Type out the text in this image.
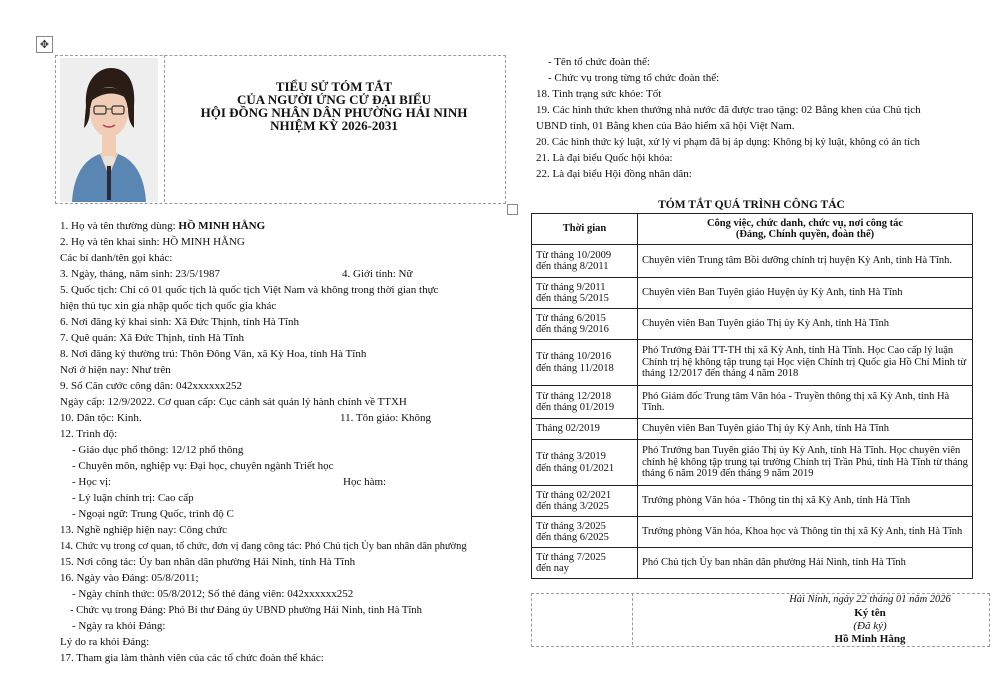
✥
TIỂU SỬ TÓM TẮT
CỦA NGƯỜI ỨNG CỬ ĐẠI BIỂU
HỘI ĐỒNG NHÂN DÂN PHƯỜNG HẢI NINH
NHIỆM KỲ 2026-2031
1. Họ và tên thường dùng: HỒ MINH HẰNG
2. Họ và tên khai sinh: HỒ MINH HẰNG
Các bí danh/tên gọi khác:
3. Ngày, tháng, năm sinh: 23/5/1987	4. Giới tính: Nữ
5. Quốc tịch: Chỉ có 01 quốc tịch là quốc tịch Việt Nam và không trong thời gian thực
hiện thủ tục xin gia nhập quốc tịch quốc gia khác
6. Nơi đăng ký khai sinh: Xã Đức Thịnh, tỉnh Hà Tĩnh
7. Quê quán: Xã Đức Thịnh, tỉnh Hà Tĩnh
8. Nơi đăng ký thường trú: Thôn Đông Văn, xã Kỳ Hoa, tỉnh Hà Tĩnh
Nơi ở hiện nay: Như trên
9. Số Căn cước công dân: 042xxxxxx252
Ngày cấp: 12/9/2022. Cơ quan cấp: Cục cảnh sát quản lý hành chính về TTXH
10. Dân tộc: Kinh.	11. Tôn giáo: Không
12. Trình độ:
- Giáo dục phổ thông: 12/12 phổ thông
- Chuyên môn, nghiệp vụ: Đại học, chuyên ngành Triết học
- Học vị:	Học hàm:
- Lý luận chính trị: Cao cấp
- Ngoại ngữ: Trung Quốc, trình độ C
13. Nghề nghiệp hiện nay: Công chức
14. Chức vụ trong cơ quan, tổ chức, đơn vị đang công tác: Phó Chủ tịch Ủy ban nhân dân phường
15. Nơi công tác: Ủy ban nhân dân phường Hải Ninh, tỉnh Hà Tĩnh
16. Ngày vào Đảng: 05/8/2011;
- Ngày chính thức: 05/8/2012; Số thẻ đảng viên: 042xxxxxx252
- Chức vụ trong Đảng: Phó Bí thư Đảng ủy UBND phường Hải Ninh, tỉnh Hà Tĩnh
- Ngày ra khỏi Đảng:
Lý do ra khỏi Đảng:
17. Tham gia làm thành viên của các tổ chức đoàn thể khác:
- Tên tổ chức đoàn thể:
- Chức vụ trong từng tổ chức đoàn thể:
18. Tình trạng sức khỏe: Tốt
19. Các hình thức khen thưởng nhà nước đã được trao tặng: 02 Bằng khen của Chủ tịch
UBND tỉnh, 01 Bằng khen của Bảo hiểm xã hội Việt Nam.
20. Các hình thức kỷ luật, xử lý vi phạm đã bị áp dụng: Không bị kỷ luật, không có án tích
21. Là đại biểu Quốc hội khóa:
22. Là đại biểu Hội đồng nhân dân:
TÓM TẮT QUÁ TRÌNH CÔNG TÁC
Thời gian	Công việc, chức danh, chức vụ, nơi công tác
(Đảng, Chính quyền, đoàn thể)

Từ tháng 10/2009
đến tháng 8/2011	Chuyên viên Trung tâm Bồi dưỡng chính trị huyện Kỳ Anh, tỉnh Hà Tĩnh.

Từ tháng 9/2011
đến tháng 5/2015	Chuyên viên Ban Tuyên giáo Huyện ủy Kỳ Anh, tỉnh Hà Tĩnh

Từ tháng 6/2015
đến tháng 9/2016	Chuyên viên Ban Tuyên giáo Thị ủy Kỳ Anh, tỉnh Hà Tĩnh

Từ tháng 10/2016
đến tháng 11/2018	Phó Trưởng Đài TT-TH thị xã Kỳ Anh, tỉnh Hà Tĩnh. Học Cao cấp lý luận Chính trị hệ không tập trung tại Học viện Chính trị Quốc gia Hồ Chí Minh từ tháng 12/2017 đến tháng 4 năm 2018

Từ tháng 12/2018
đến tháng 01/2019	Phó Giám đốc Trung tâm Văn hóa - Truyền thông thị xã Kỳ Anh, tỉnh Hà Tĩnh.

Tháng 02/2019	Chuyên viên Ban Tuyên giáo Thị ủy Kỳ Anh, tỉnh Hà Tĩnh

Từ tháng 3/2019
đến tháng 01/2021	Phó Trưởng ban Tuyên giáo Thị ủy Kỳ Anh, tỉnh Hà Tĩnh. Học chuyên viên chính hệ không tập trung tại trường Chính trị Trần Phú, tỉnh Hà Tĩnh từ tháng tháng 6 năm 2019 đến tháng 9 năm 2019

Từ tháng 02/2021
đến tháng 3/2025	Trưởng phòng Văn hóa - Thông tin thị xã Kỳ Anh, tỉnh Hà Tĩnh

Từ tháng 3/2025
đến tháng 6/2025	Trưởng phòng Văn hóa, Khoa học và Thông tin thị xã Kỳ Anh, tỉnh Hà Tĩnh

Từ tháng 7/2025
đến nay	Phó Chủ tịch Ủy ban nhân dân phường Hải Ninh, tỉnh Hà Tĩnh
Hải Ninh, ngày 22 tháng 01 năm 2026
Ký tên
(Đã ký)
Hồ Minh Hằng
